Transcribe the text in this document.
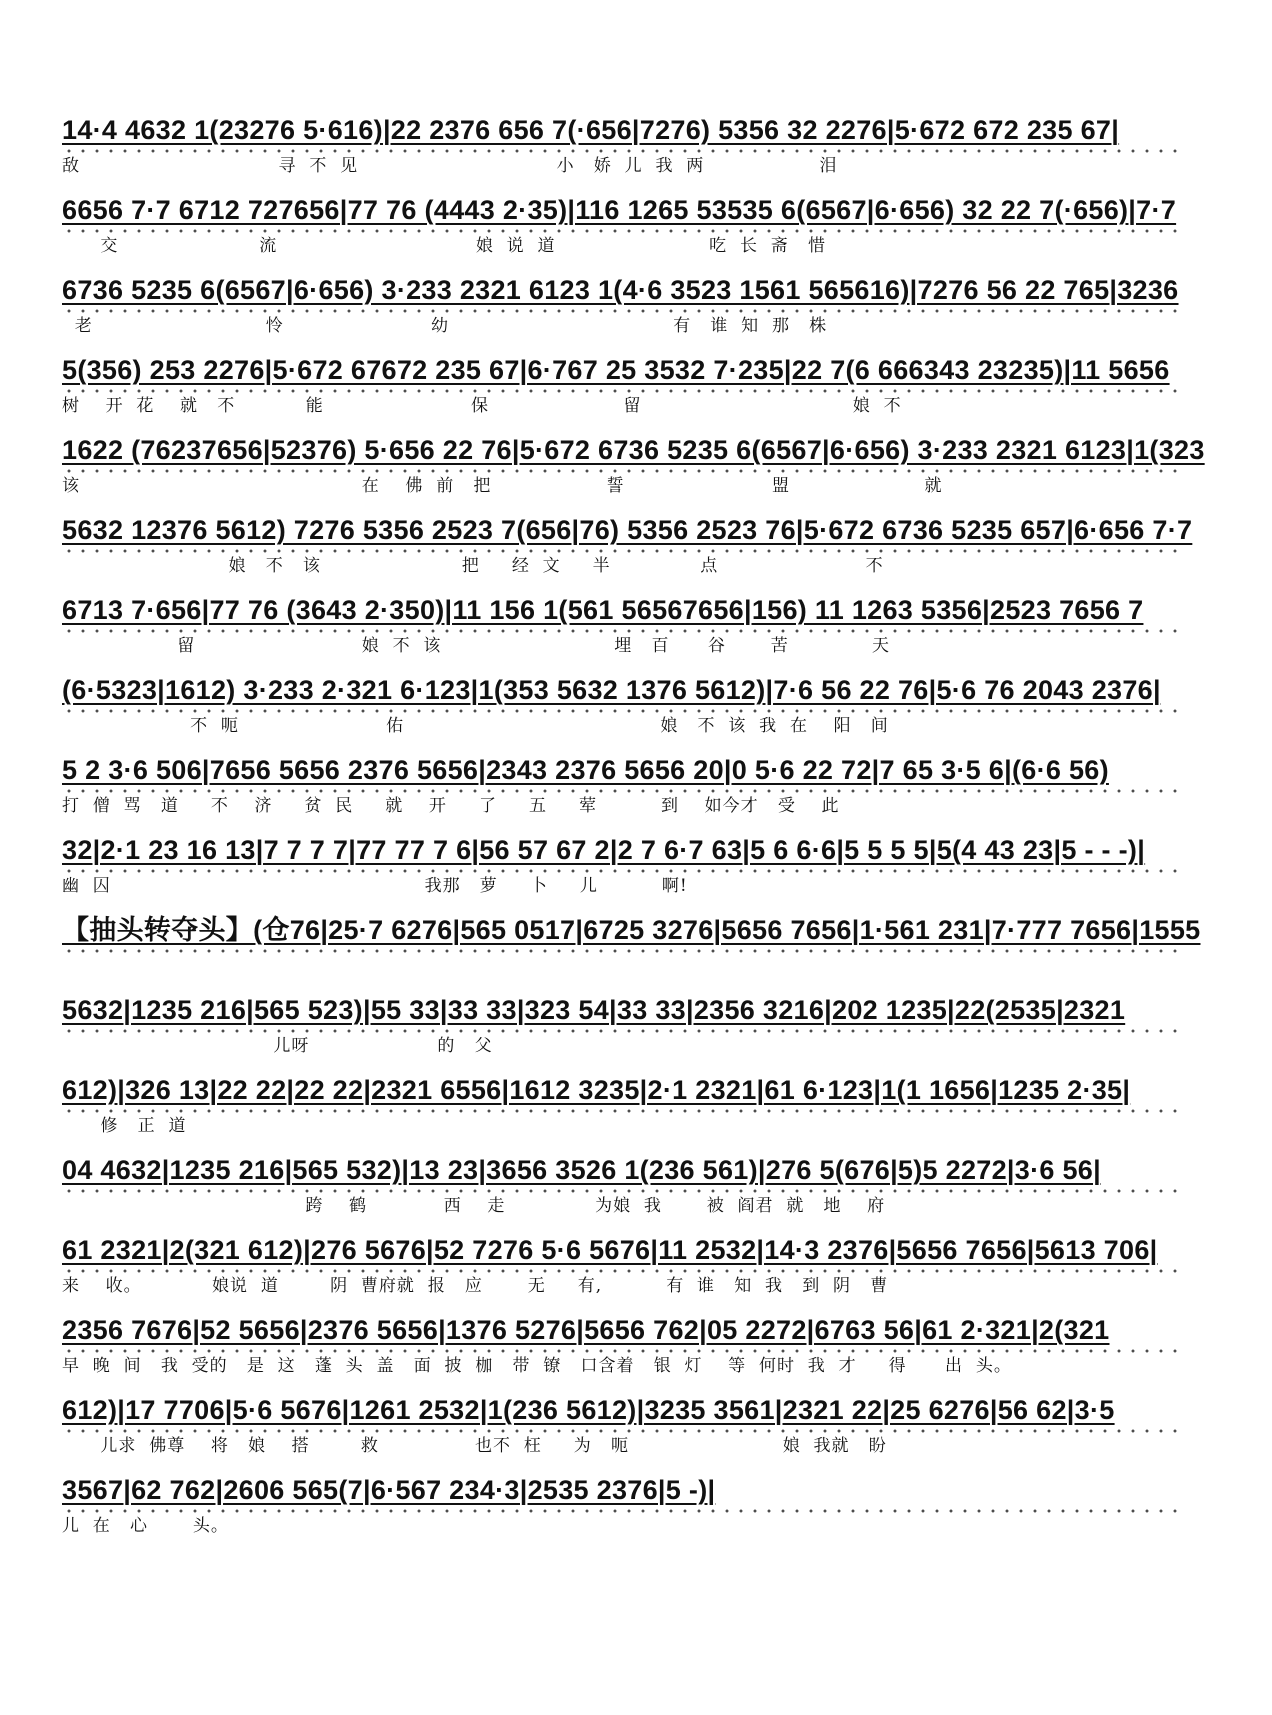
14·4 4632 1(23276 5·616)|22 2376 656 7(·656|7276) 5356 32 2276|5·672 672 235 67|
敌                               寻  不  见                               小   娇  儿  我  两                  泪
6656 7·7 6712 727656|77 76 (4443 2·35)|116 1265 53535 6(6567|6·656) 32 22 7(·656)|7·7
交                      流                               娘  说  道                        吃  长  斋   惜
6736 5235 6(6567|6·656) 3·233 2321 6123 1(4·6 3523 1561 565616)|7276 56 22 765|3236
老                           怜                       幼                                   有   谁  知  那   株
5(356) 253 2276|5·672 67672 235 67|6·767 25 3532 7·235|22 7(6 666343 23235)|11 5656
树    开  花    就   不           能                       保                     留                                 娘  不
1622 (76237656|52376) 5·656 22 76|5·672 6736 5235 6(6567|6·656) 3·233 2321 6123|1(323
该                                            在    佛  前   把                  誓                       盟                     就
5632 12376 5612) 7276 5356 2523 7(656|76) 5356 2523 76|5·672 6736 5235 657|6·656 7·7
娘   不   该                      把     经  文     半              点                       不
6713 7·656|77 76 (3643 2·350)|11 156 1(561 56567656|156) 11 1263 5356|2523 7656 7
留                          娘  不  该                           埋   百      谷       苦             天
(6·5323|1612) 3·233 2·321 6·123|1(353 5632 1376 5612)|7·6 56 22 76|5·6 76 2043 2376|
不  呃                       佑                                        娘   不  该  我  在    阳   间
5 2 3·6 506|7656 5656 2376 5656|2343 2376 5656 20|0 5·6 22 72|7 65 3·5 6|(6·6 56)
打  僧  骂   道     不    济     贫  民     就    开     了     五     荤          到    如今才   受    此
32|2·1 23 16 13|7 7 7 7|77 77 7 6|56 57 67 2|2 7 6·7 63|5 6 6·6|5 5 5 5|5(4 43 23|5 - - -)|
幽  囚                                                 我那   萝     卜     儿          啊!
【抽头转夺头】(仓76|25·7 6276|565 0517|6725 3276|5656 7656|1·561 231|7·777 7656|1555
5632|1235 216|565 523)|55 33|33 33|323 54|33 33|2356 3216|202 1235|22(2535|2321
儿呀                    的   父
612)|326 13|22 22|22 22|2321 6556|1612 3235|2·1 2321|61 6·123|1(1 1656|1235 2·35|
修   正  道
04 4632|1235 216|565 532)|13 23|3656 3526 1(236 561)|276 5(676|5)5 2272|3·6 56|
跨    鹤            西    走              为娘  我       被  阎君  就   地    府
61 2321|2(321 612)|276 5676|52 7276 5·6 5676|11 2532|14·3 2376|5656 7656|5613 706|
来    收。           娘说  道        阴  曹府就  报   应       无     有,          有  谁   知  我   到  阴   曹
2356 7676|52 5656|2376 5656|1376 5276|5656 762|05 2272|6763 56|61 2·321|2(321
早  晚  间   我  受的   是  这   蓬  头  盖   面  披  枷   带  镣   口含着   银  灯    等  何时  我  才     得      出  头。
612)|17 7706|5·6 5676|1261 2532|1(236 5612)|3235 3561|2321 22|25 6276|56 62|3·5
儿求  佛尊    将   娘    搭        救               也不  枉     为   呃                        娘  我就   盼
3567|62 762|2606 565(7|6·567 234·3|2535 2376|5 -)|
儿  在   心       头。
